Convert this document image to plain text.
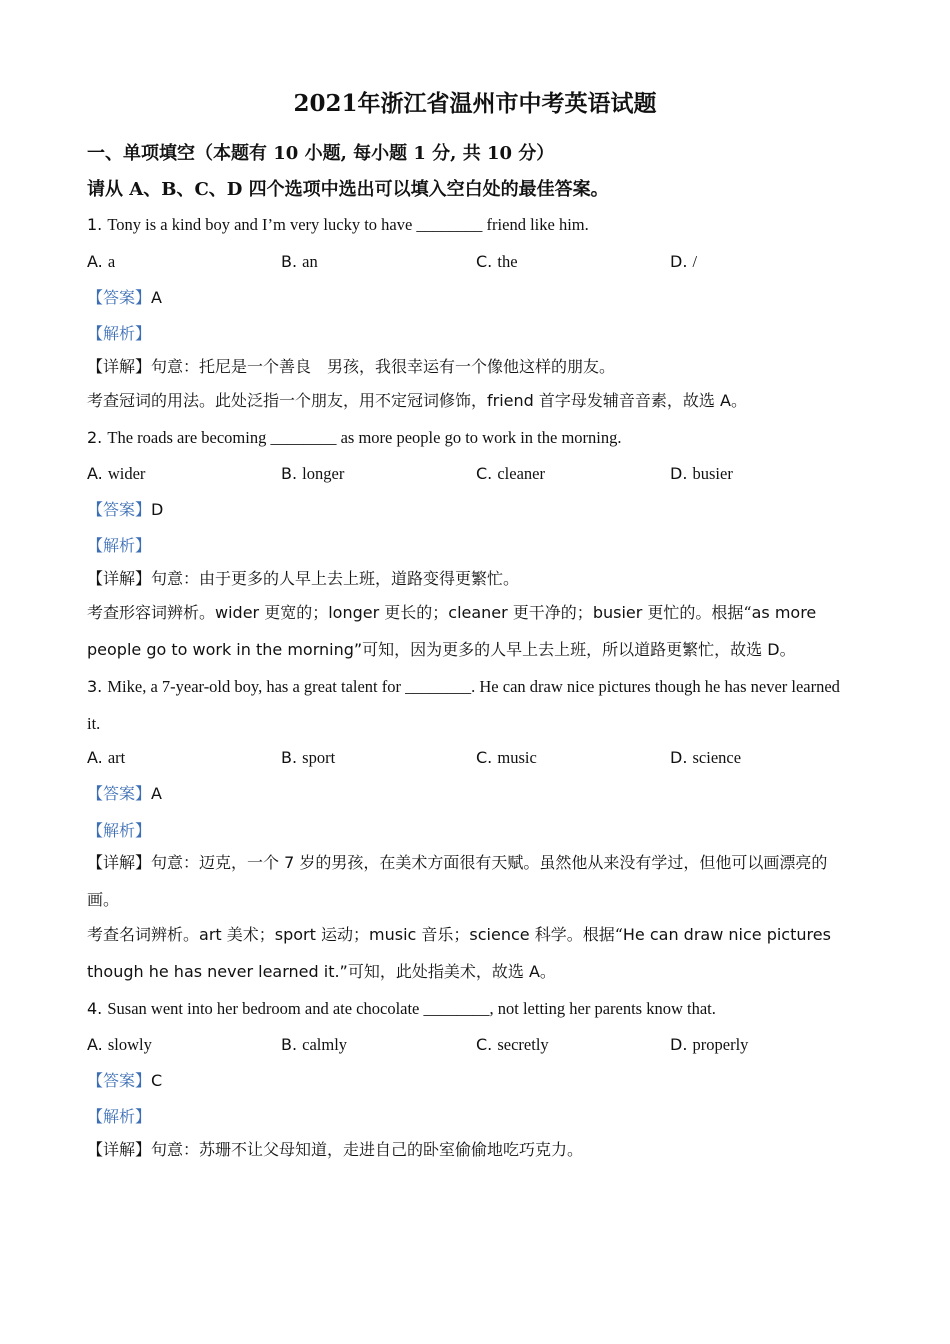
2021年浙江省温州市中考英语试题
一、单项填空（本题有 10 小题, 每小题 1 分, 共 10 分）
请从 A、B、C、D 四个选项中选出可以填入空白处的最佳答案。
1. Tony is a kind boy and I’m very lucky to have ________ friend like him.
A. a	B. an	C. the	D. /
【答案】A
【解析】
【详解】句意：托尼是一个善良　男孩，我很幸运有一个像他这样的朋友。
考查冠词的用法。此处泛指一个朋友，用不定冠词修饰，friend 首字母发辅音音素，故选 A。
2. The roads are becoming ________ as more people go to work in the morning.
A. wider	B. longer	C. cleaner	D. busier
【答案】D
【解析】
【详解】句意：由于更多的人早上去上班，道路变得更繁忙。
考查形容词辨析。wider 更宽的；longer 更长的；cleaner 更干净的；busier 更忙的。根据“as more
people go to work in the morning”可知，因为更多的人早上去上班，所以道路更繁忙，故选 D。
3. Mike, a 7-year-old boy, has a great talent for ________. He can draw nice pictures though he has never learned
it.
A. art	B. sport	C. music	D. science
【答案】A
【解析】
【详解】句意：迈克，一个 7 岁的男孩，在美术方面很有天赋。虽然他从来没有学过，但他可以画漂亮的
画。
考查名词辨析。art 美术；sport 运动；music 音乐；science 科学。根据“He can draw nice pictures
though he has never learned it.”可知，此处指美术，故选 A。
4. Susan went into her bedroom and ate chocolate ________, not letting her parents know that.
A. slowly	B. calmly	C. secretly	D. properly
【答案】C
【解析】
【详解】句意：苏珊不让父母知道，走进自己的卧室偷偷地吃巧克力。
